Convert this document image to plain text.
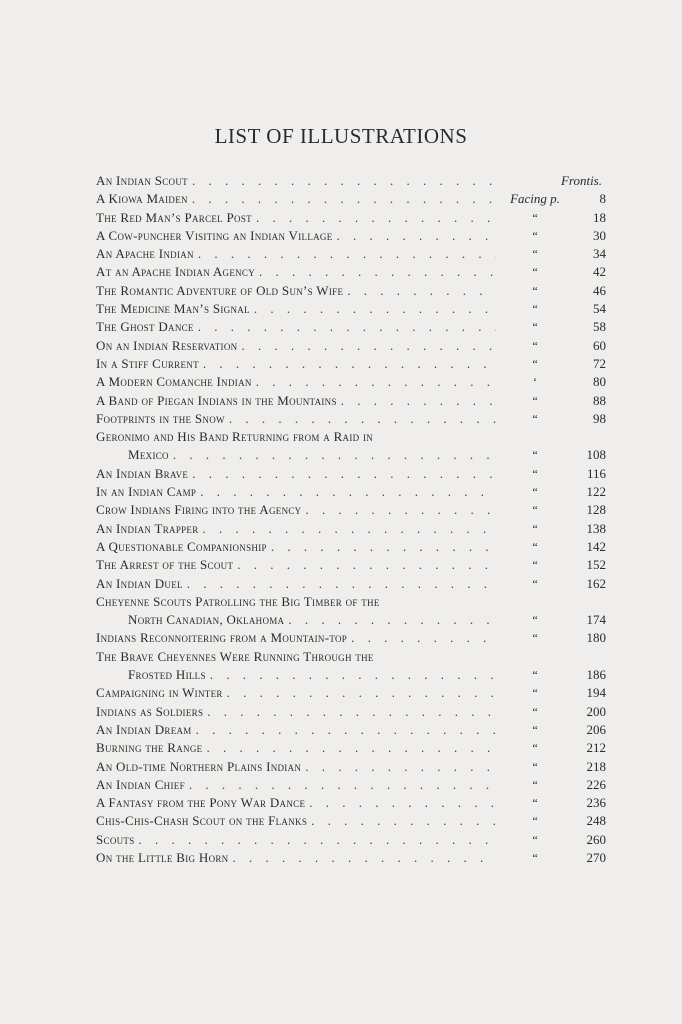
LIST OF ILLUSTRATIONS
An Indian Scout . . .	Frontis.
A Kiowa Maiden . . .	Facing p.	8
The Red Man’s Parcel Post . . .	“	18
A Cow-puncher Visiting an Indian Village . . .	“	30
An Apache Indian . . .	“	34
At an Apache Indian Agency . . .	“	42
The Romantic Adventure of Old Sun’s Wife . . .	“	46
The Medicine Man’s Signal . . .	“	54
The Ghost Dance . . .	“	58
On an Indian Reservation . . .	“	60
In a Stiff Current . . .	“	72
A Modern Comanche Indian . . .	‘	80
A Band of Piegan Indians in the Mountains . . .	“	88
Footprints in the Snow . . .	“	98
Geronimo and His Band Returning from a Raid in
Mexico . . .	“	108
An Indian Brave . . .	“	116
In an Indian Camp . . .	“	122
Crow Indians Firing into the Agency . . .	“	128
An Indian Trapper . . .	“	138
A Questionable Companionship . . .	“	142
The Arrest of the Scout . . .	“	152
An Indian Duel . . .	“	162
Cheyenne Scouts Patrolling the Big Timber of the
North Canadian, Oklahoma . . .	“	174
Indians Reconnoitering from a Mountain-top . . .	“	180
The Brave Cheyennes Were Running Through the
Frosted Hills . . .	“	186
Campaigning in Winter . . .	“	194
Indians as Soldiers . . .	“	200
An Indian Dream . . .	“	206
Burning the Range . . .	“	212
An Old-time Northern Plains Indian . . .	“	218
An Indian Chief . . .	“	226
A Fantasy from the Pony War Dance . . .	“	236
Chis-Chis-Chash Scout on the Flanks . . .	“	248
Scouts . . .	“	260
On the Little Big Horn . . .	“	270
